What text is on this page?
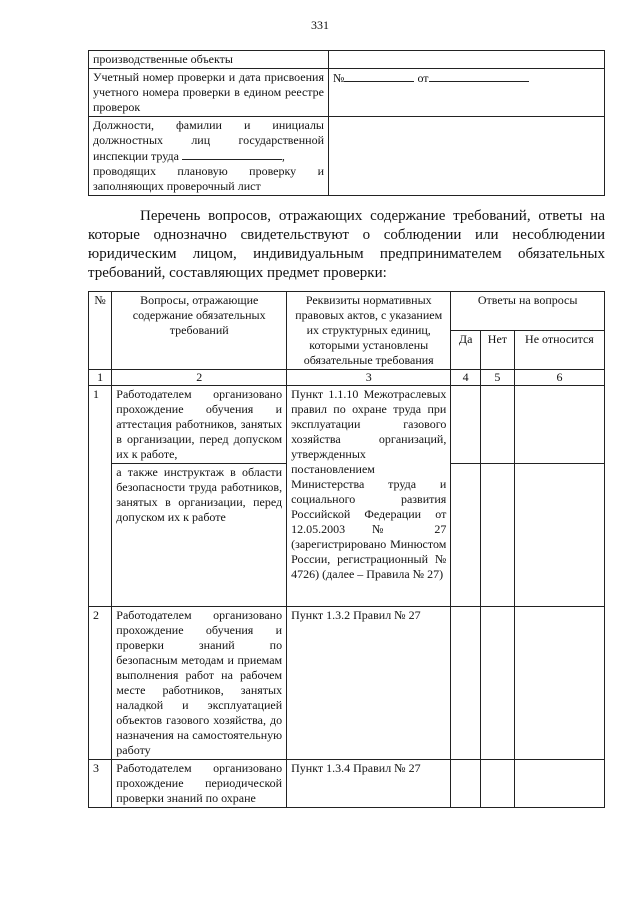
331
производственные объекты	
Учетный номер проверки и дата присвоения учетного номера проверки в едином реестре проверок	№ от

Должности, фамилии и инициалы должностных лиц государственной инспекции труда ,
проводящих плановую проверку и заполняющих проверочный лист	

Перечень вопросов, отражающих содержание требований, ответы на которые однозначно свидетельствуют о соблюдении или несоблюдении юридическим лицом, индивидуальным предпринимателем обязательных требований, составляющих предмет проверки:

№	Вопросы, отражающие содержание обязательных требований	Реквизиты нормативных правовых актов, с указанием их структурных единиц, которыми установлены обязательные требования	Ответы на вопросы		
			Да	Нет	Не относится
1	2	3	4	5	6
1	Работодателем организовано прохождение обучения и аттестация работников, занятых в организации, перед допуском их к работе,	Пункт 1.1.10 Межотраслевых правил по охране труда при эксплуатации газового хозяйства организаций, утвержденных постановлением Министерства труда и социального развития Российской Федерации от 12.05.2003 № 27 (зарегистрировано Минюстом России, регистрационный № 4726) (далее – Правила № 27)			
	а также инструктаж в области безопасности труда работников, занятых в организации, перед допуском их к работе				
2	Работодателем организовано прохождение обучения и проверки знаний по безопасным методам и приемам выполнения работ на рабочем месте работников, занятых наладкой и эксплуатацией объектов газового хозяйства, до назначения на самостоятельную работу	Пункт 1.3.2 Правил № 27			
3	Работодателем организовано прохождение периодической проверки знаний по охране	Пункт 1.3.4 Правил № 27			
